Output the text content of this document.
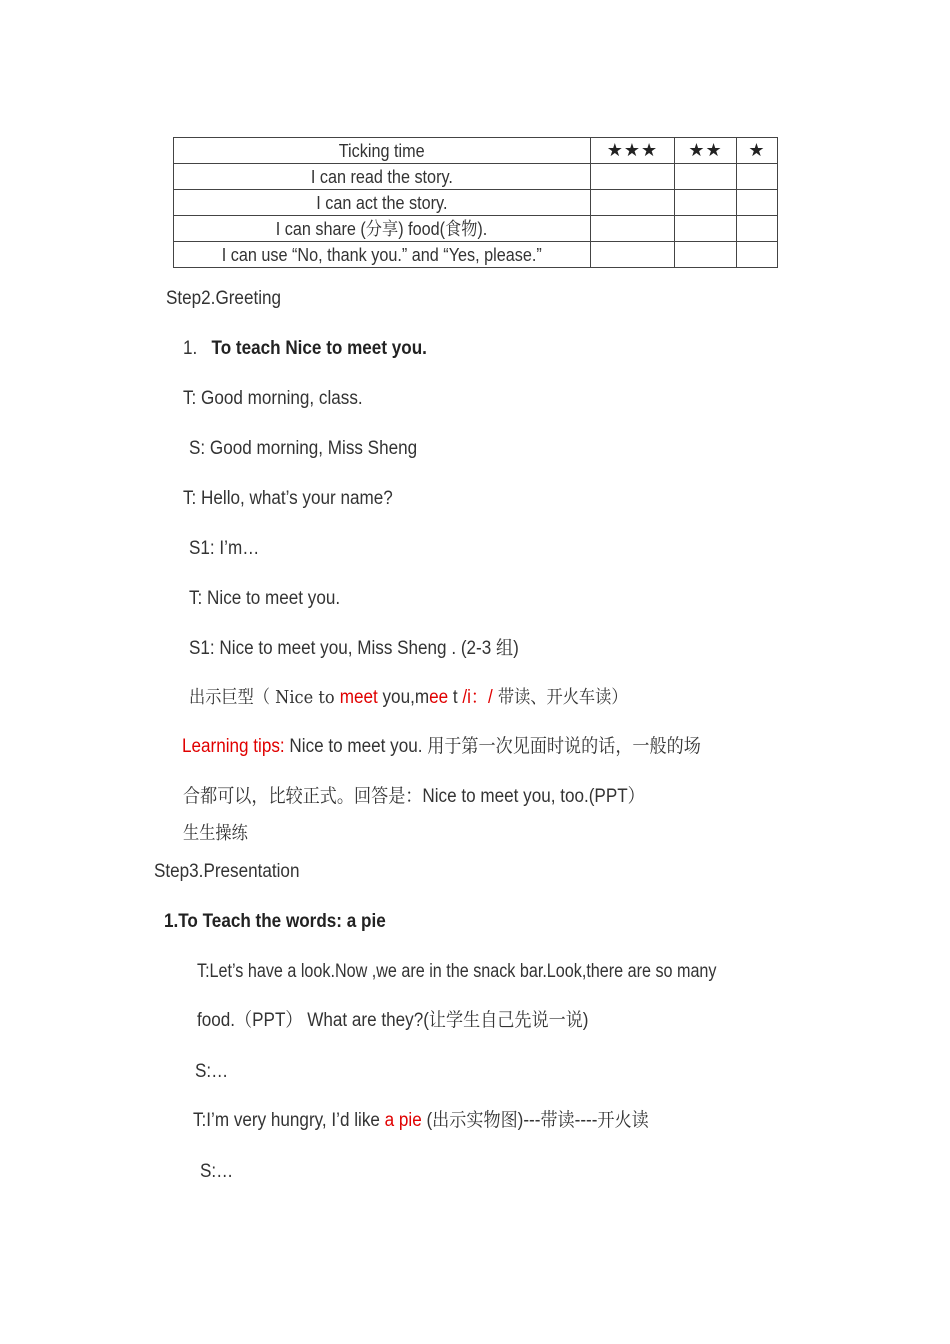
Ticking time	★★★	★★	★
I can read the story.			
I can act the story.			
I can share (分享) food(食物).			
I can use “No, thank you.” and “Yes, please.”			
Step2.Greeting
1. To teach Nice to meet you.
T: Good morning, class.
S: Good morning, Miss Sheng
T: Hello, what’s your name?
S1: I’m…
T: Nice to meet you.
S1: Nice to meet you, Miss Sheng . (2-3 组)
出示巨型（ Nice to meet you,mee t /i：/ 带读、开火车读）
Learning tips: Nice to meet you. 用于第一次见面时说的话，一般的场
合都可以，比较正式。回答是：Nice to meet you, too.(PPT）
生生操练
Step3.Presentation
1.To Teach the words: a pie
T:Let’s have a look.Now ,we are in the snack bar.Look,there are so many
food.（PPT） What are they?(让学生自己先说一说)
S:…
T:I’m very hungry, I’d like a pie (出示实物图)---带读----开火读
S:…
